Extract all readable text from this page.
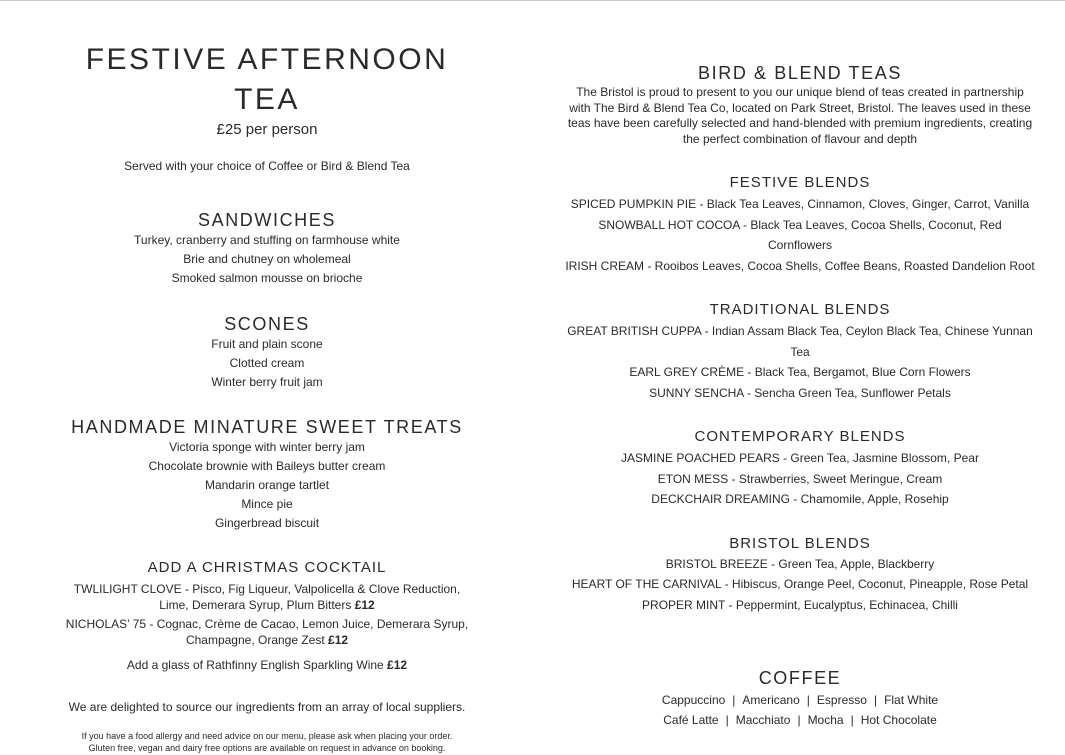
FESTIVE AFTERNOON TEA
£25 per person
Served with your choice of Coffee or Bird & Blend Tea
SANDWICHES
Turkey, cranberry and stuffing on farmhouse white
Brie and chutney on wholemeal
Smoked salmon mousse on brioche
SCONES
Fruit and plain scone
Clotted cream
Winter berry fruit jam
HANDMADE MINATURE SWEET TREATS
Victoria sponge with winter berry jam
Chocolate brownie with Baileys butter cream
Mandarin orange tartlet
Mince pie
Gingerbread biscuit
ADD A CHRISTMAS COCKTAIL
TWLILIGHT CLOVE - Pisco, Fig Liqueur, Valpolicella & Clove Reduction,
Lime, Demerara Syrup, Plum Bitters £12
NICHOLAS’ 75 - Cognac, Crème de Cacao, Lemon Juice, Demerara Syrup,
Champagne, Orange Zest £12
Add a glass of Rathfinny English Sparkling Wine £12
We are delighted to source our ingredients from an array of local suppliers.
If you have a food allergy and need advice on our menu, please ask when placing your order.
Gluten free, vegan and dairy free options are available on request in advance on booking.
BIRD & BLEND TEAS
The Bristol is proud to present to you our unique blend of teas created in partnership
with The Bird & Blend Tea Co, located on Park Street, Bristol. The leaves used in these
teas have been carefully selected and hand-blended with premium ingredients, creating
the perfect combination of flavour and depth
FESTIVE BLENDS
SPICED PUMPKIN PIE - Black Tea Leaves, Cinnamon, Cloves, Ginger, Carrot, Vanilla
SNOWBALL HOT COCOA - Black Tea Leaves, Cocoa Shells, Coconut, Red Cornflowers
IRISH CREAM - Rooibos Leaves, Cocoa Shells, Coffee Beans, Roasted Dandelion Root
TRADITIONAL BLENDS
GREAT BRITISH CUPPA - Indian Assam Black Tea, Ceylon Black Tea, Chinese Yunnan Tea
EARL GREY CRÈME - Black Tea, Bergamot, Blue Corn Flowers
SUNNY SENCHA - Sencha Green Tea, Sunflower Petals
CONTEMPORARY BLENDS
JASMINE POACHED PEARS - Green Tea, Jasmine Blossom, Pear
ETON MESS - Strawberries, Sweet Meringue, Cream
DECKCHAIR DREAMING - Chamomile, Apple, Rosehip
BRISTOL BLENDS
BRISTOL BREEZE - Green Tea, Apple, Blackberry
HEART OF THE CARNIVAL - Hibiscus, Orange Peel, Coconut, Pineapple, Rose Petal
PROPER MINT - Peppermint, Eucalyptus, Echinacea, Chilli
COFFEE
Cappuccino | Americano | Espresso | Flat White
Café Latte | Macchiato | Mocha | Hot Chocolate
